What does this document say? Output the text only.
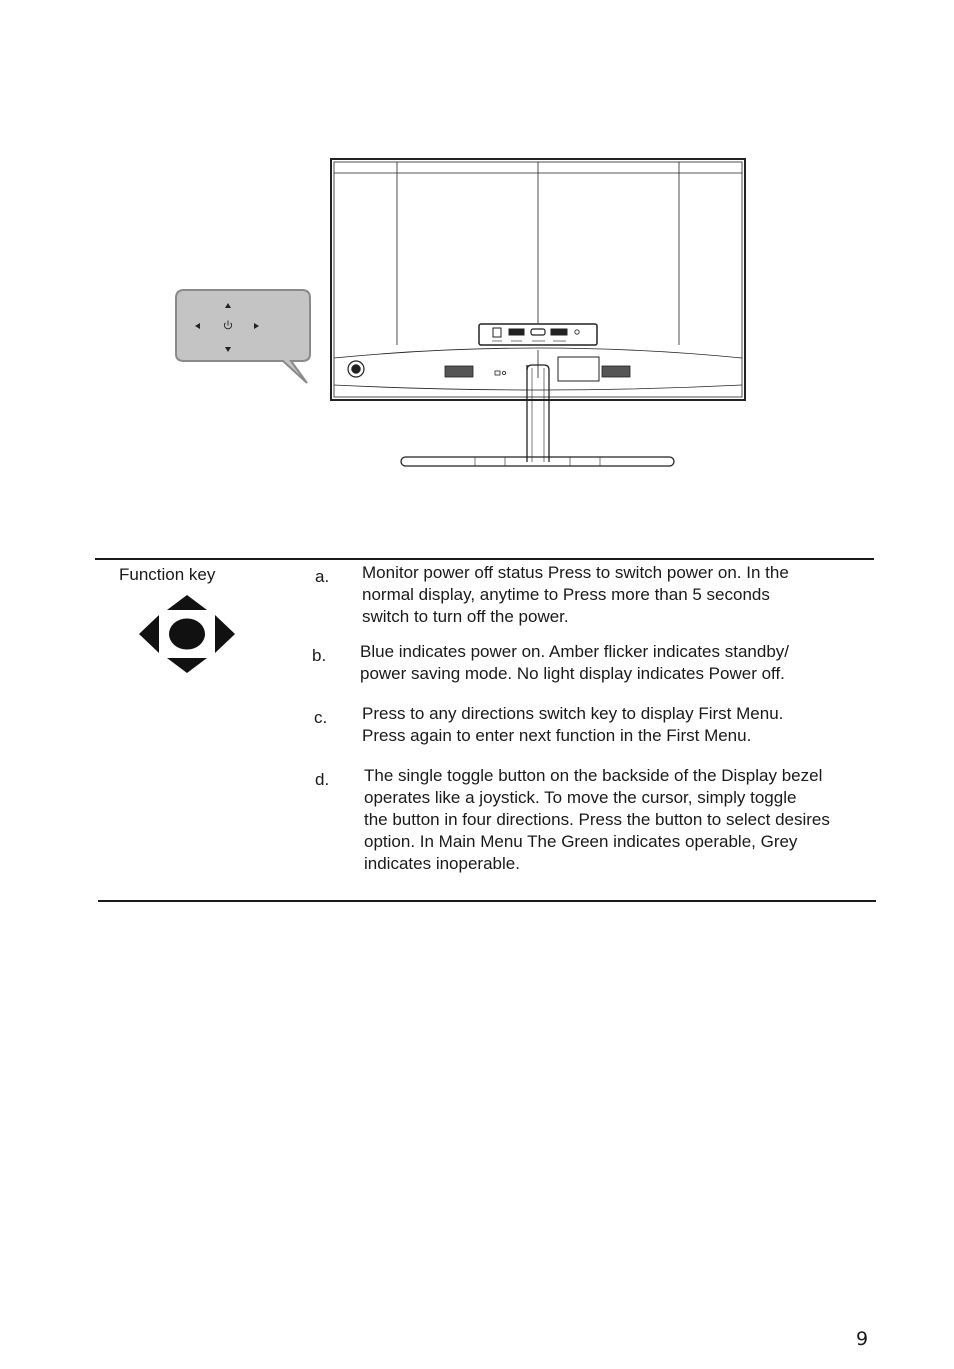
Function key	a. Monitor power off status Press to switch power on. In the
normal display, anytime to Press more than 5 seconds
switch to turn off the power.
b. Blue indicates power on. Amber flicker indicates standby/
power saving mode. No light display indicates Power off.
c. Press to any directions switch key to display First Menu.
Press again to enter next function in the First Menu.
d. The single toggle button on the backside of the Display bezel
operates like a joystick. To move the cursor, simply toggle
the button in four directions. Press the button to select desires
option. In Main Menu The Green indicates operable, Grey
indicates inoperable.
9
